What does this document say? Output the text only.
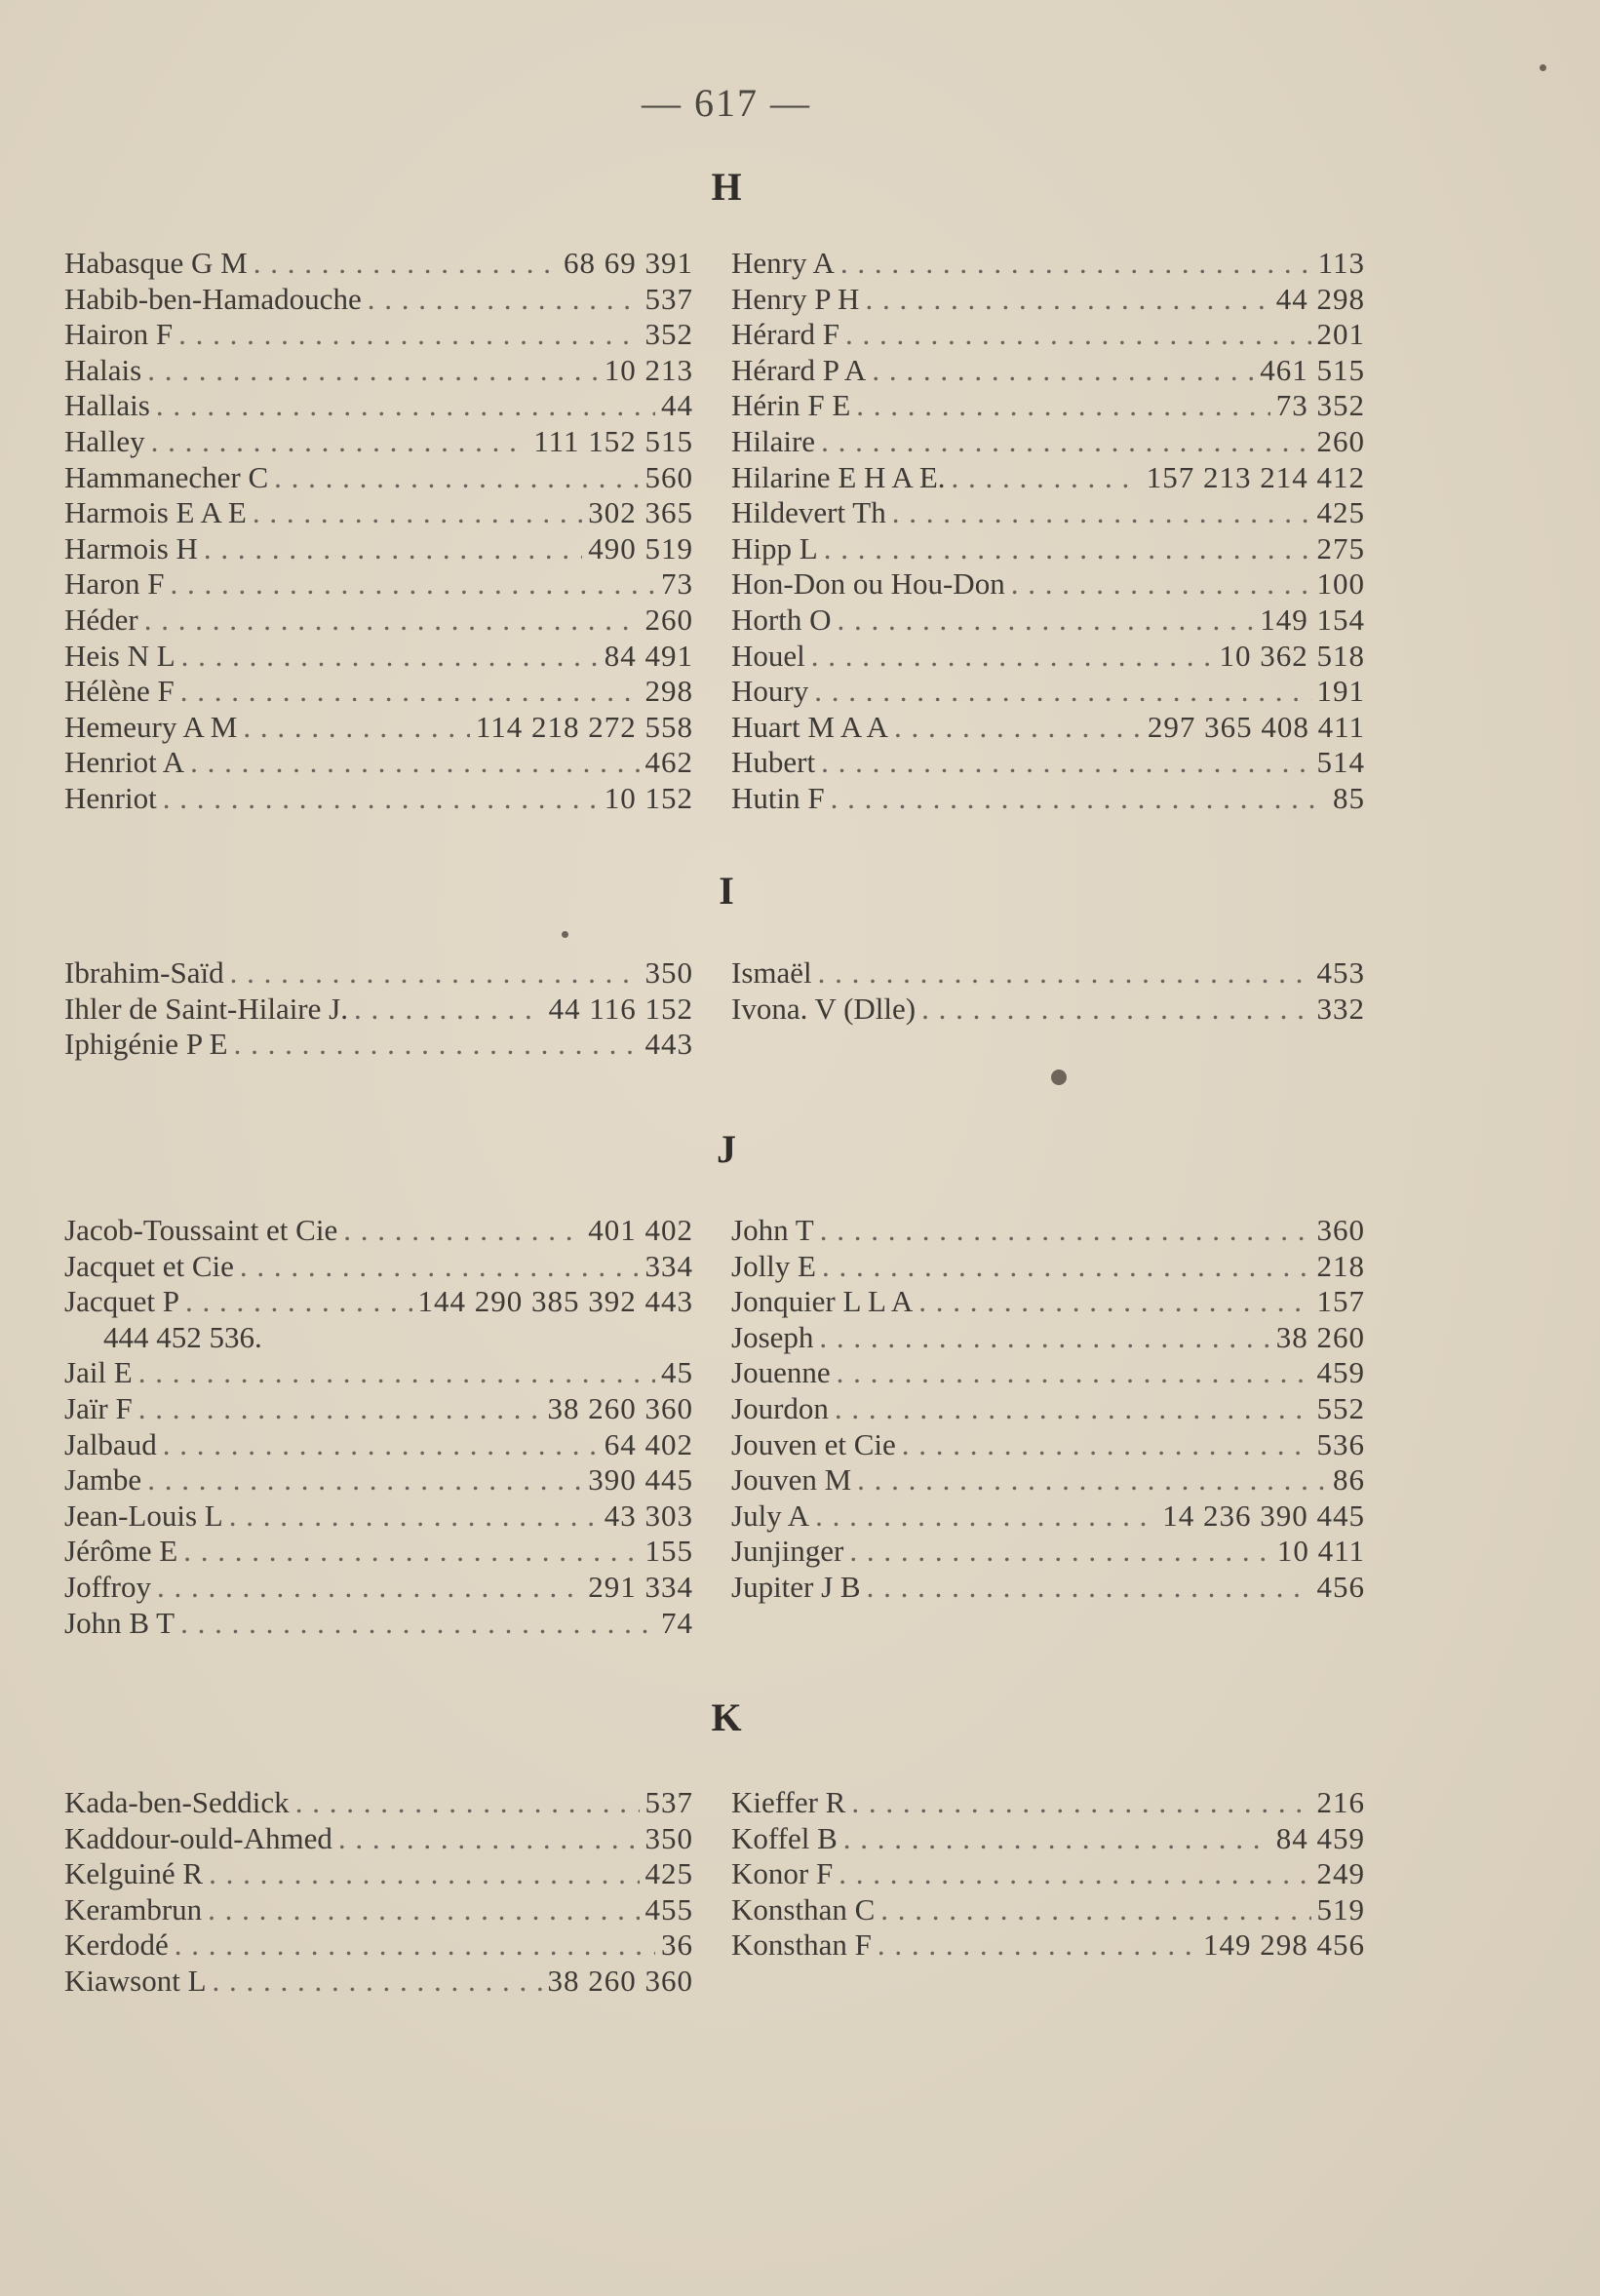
— 617 —
H
Habasque G M . . .	68 69 391
Habib-ben-Hamadouche . . .	537
Hairon F . . .	352
Halais . . .	10 213
Hallais . . .	44
Halley . . .	111 152 515
Hammanecher C . . .	560
Harmois E A E . . .	302 365
Harmois H . . .	490 519
Haron F . . .	73
Héder . . .	260
Heis N L . . .	84 491
Hélène F . . .	298
Hemeury A M . . .	114 218 272 558
Henriot A . . .	462
Henriot . . .	10 152
Henry A . . .	113
Henry P H . . .	44 298
Hérard F . . .	201
Hérard P A . . .	461 515
Hérin F E . . .	73 352
Hilaire . . .	260
Hilarine E H A E. . . .	157 213 214 412
Hildevert Th . . .	425
Hipp L . . .	275
Hon-Don ou Hou-Don . . .	100
Horth O . . .	149 154
Houel . . .	10 362 518
Houry . . .	191
Huart M A A . . .	297 365 408 411
Hubert . . .	514
Hutin F . . .	85
I
Ibrahim-Saïd . . .	350
Ihler de Saint-Hilaire J. . . .	44 116 152
Iphigénie P E . . .	443
Ismaël . . .	453
Ivona. V (Dlle) . . .	332
J
Jacob-Toussaint et Cie . . .	401 402
Jacquet et Cie . . .	334
Jacquet P . . .	144 290 385 392 443
444 452 536.
Jail E . . .	45
Jaïr F . . .	38 260 360
Jalbaud . . .	64 402
Jambe . . .	390 445
Jean-Louis L . . .	43 303
Jérôme E . . .	155
Joffroy . . .	291 334
John B T . . .	74
John T . . .	360
Jolly E . . .	218
Jonquier L L A . . .	157
Joseph . . .	38 260
Jouenne . . .	459
Jourdon . . .	552
Jouven et Cie . . .	536
Jouven M . . .	86
July A . . .	14 236 390 445
Junjinger . . .	10 411
Jupiter J B . . .	456
K
Kada-ben-Seddick . . .	537
Kaddour-ould-Ahmed . . .	350
Kelguiné R . . .	425
Kerambrun . . .	455
Kerdodé . . .	36
Kiawsont L . . .	38 260 360
Kieffer R . . .	216
Koffel B . . .	84 459
Konor F . . .	249
Konsthan C . . .	519
Konsthan F . . .	149 298 456
